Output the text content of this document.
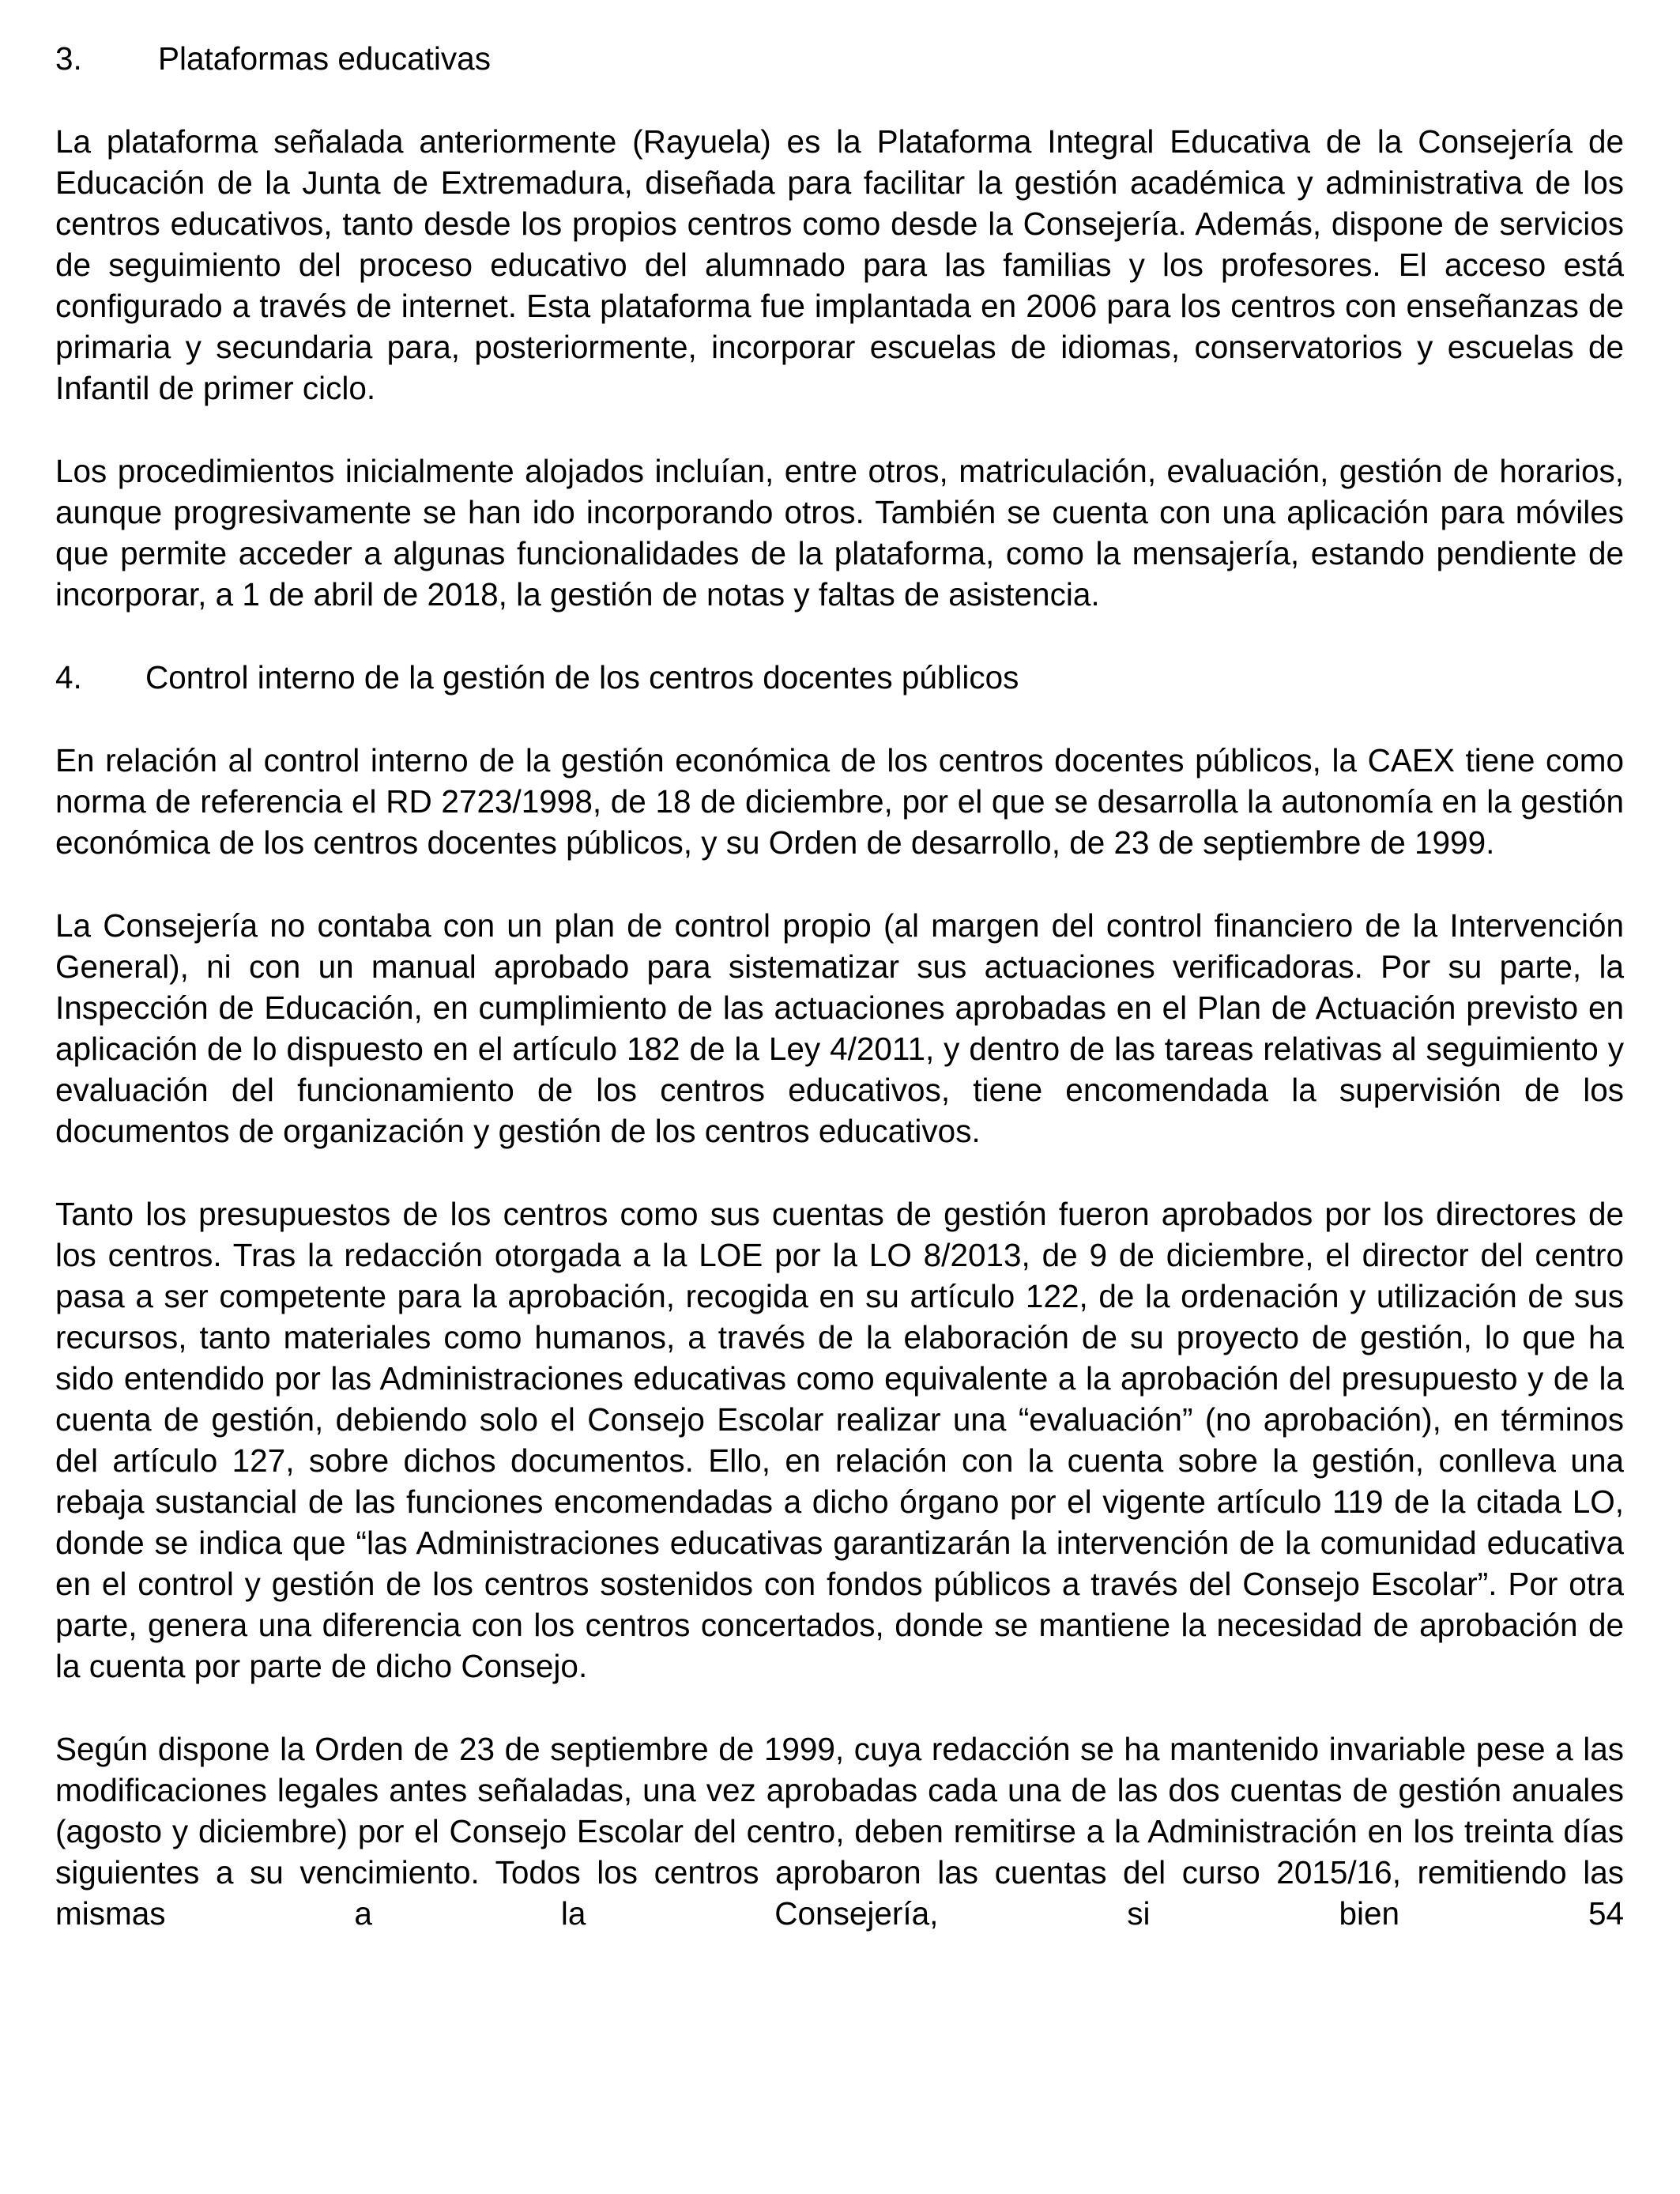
3.	Plataformas educativas

La plataforma señalada anteriormente (Rayuela) es la Plataforma Integral Educativa de la Consejería de Educación de la Junta de Extremadura, diseñada para facilitar la gestión académica y administrativa de los centros educativos, tanto desde los propios centros como desde la Consejería. Además, dispone de servicios de seguimiento del proceso educativo del alumnado para las familias y los profesores. El acceso está configurado a través de internet. Esta plataforma fue implantada en 2006 para los centros con enseñanzas de primaria y secundaria para, posteriormente, incorporar escuelas de idiomas, conservatorios y escuelas de Infantil de primer ciclo.

Los procedimientos inicialmente alojados incluían, entre otros, matriculación, evaluación, gestión de horarios, aunque progresivamente se han ido incorporando otros. También se cuenta con una aplicación para móviles que permite acceder a algunas funcionalidades de la plataforma, como la mensajería, estando pendiente de incorporar, a 1 de abril de 2018, la gestión de notas y faltas de asistencia.

4.	Control interno de la gestión de los centros docentes públicos

En relación al control interno de la gestión económica de los centros docentes públicos, la CAEX tiene como norma de referencia el RD 2723/1998, de 18 de diciembre, por el que se desarrolla la autonomía en la gestión económica de los centros docentes públicos, y su Orden de desarrollo, de 23 de septiembre de 1999.

La Consejería no contaba con un plan de control propio (al margen del control financiero de la Intervención General), ni con un manual aprobado para sistematizar sus actuaciones verificadoras. Por su parte, la Inspección de Educación, en cumplimiento de las actuaciones aprobadas en el Plan de Actuación previsto en aplicación de lo dispuesto en el artículo 182 de la Ley 4/2011, y dentro de las tareas relativas al seguimiento y evaluación del funcionamiento de los centros educativos, tiene encomendada la supervisión de los documentos de organización y gestión de los centros educativos.

Tanto los presupuestos de los centros como sus cuentas de gestión fueron aprobados por los directores de los centros. Tras la redacción otorgada a la LOE por la LO 8/2013, de 9 de diciembre, el director del centro pasa a ser competente para la aprobación, recogida en su artículo 122, de la ordenación y utilización de sus recursos, tanto materiales como humanos, a través de la elaboración de su proyecto de gestión, lo que ha sido entendido por las Administraciones educativas como equivalente a la aprobación del presupuesto y de la cuenta de gestión, debiendo solo el Consejo Escolar realizar una “evaluación” (no aprobación), en términos del artículo 127, sobre dichos documentos. Ello, en relación con la cuenta sobre la gestión, conlleva una rebaja sustancial de las funciones encomendadas a dicho órgano por el vigente artículo 119 de la citada LO, donde se indica que “las Administraciones educativas garantizarán la intervención de la comunidad educativa en el control y gestión de los centros sostenidos con fondos públicos a través del Consejo Escolar”. Por otra parte, genera una diferencia con los centros concertados, donde se mantiene la necesidad de aprobación de la cuenta por parte de dicho Consejo.

Según dispone la Orden de 23 de septiembre de 1999, cuya redacción se ha mantenido invariable pese a las modificaciones legales antes señaladas, una vez aprobadas cada una de las dos cuentas de gestión anuales (agosto y diciembre) por el Consejo Escolar del centro, deben remitirse a la Administración en los treinta días siguientes a su vencimiento. Todos los centros aprobaron las cuentas del curso 2015/16, remitiendo las mismas a la Consejería, si bien 54
